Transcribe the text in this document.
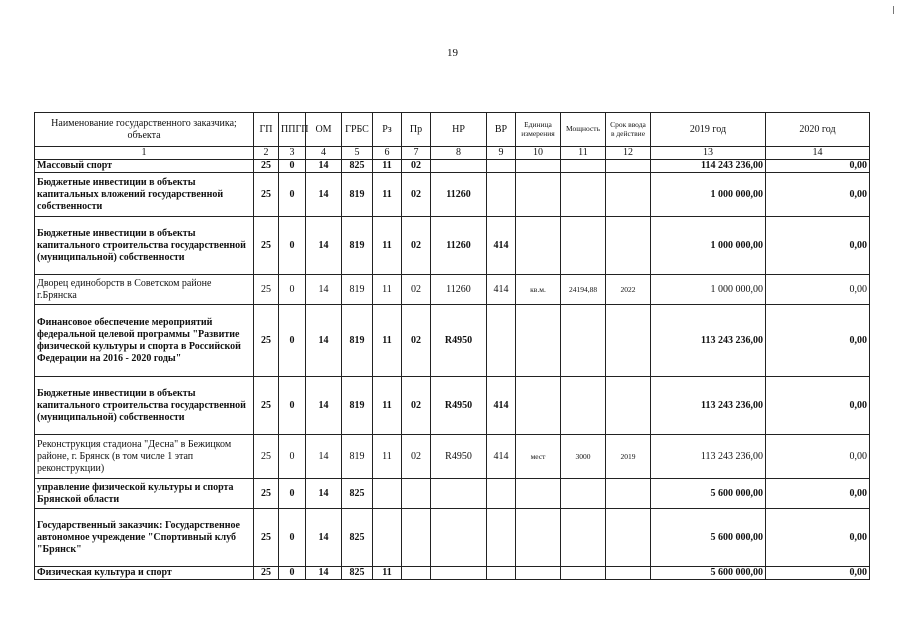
19
Наименование государственного заказчика; объекта	ГП	ППГП	ОМ	ГРБС	Рз	Пр	НР	ВР	Единица измерения	Мощность	Срок ввода в действие	2019 год	2020 год
1	2	3	4	5	6	7	8	9	10	11	12	13	14
Массовый спорт	25	0	14	825	11	02						114 243 236,00	0,00
Бюджетные инвестиции в объекты капитальных вложений государственной собственности	25	0	14	819	11	02	11260					1 000 000,00	0,00
Бюджетные инвестиции в объекты капитального строительства государственной (муниципальной) собственности	25	0	14	819	11	02	11260	414				1 000 000,00	0,00
Дворец единоборств в Советском районе г.Брянска	25	0	14	819	11	02	11260	414	кв.м.	24194,88	2022	1 000 000,00	0,00
Финансовое обеспечение мероприятий федеральной целевой программы "Развитие физической культуры и спорта в Российской Федерации на 2016 - 2020 годы"	25	0	14	819	11	02	R4950					113 243 236,00	0,00
Бюджетные инвестиции в объекты капитального строительства государственной (муниципальной) собственности	25	0	14	819	11	02	R4950	414				113 243 236,00	0,00
Реконструкция стадиона "Десна" в Бежицком районе, г. Брянск (в том числе 1 этап реконструкции)	25	0	14	819	11	02	R4950	414	мест	3000	2019	113 243 236,00	0,00
управление физической культуры и спорта Брянской области	25	0	14	825								5 600 000,00	0,00
Государственный заказчик: Государственное автономное учреждение "Спортивный клуб "Брянск"	25	0	14	825								5 600 000,00	0,00
Физическая культура и спорт	25	0	14	825	11							5 600 000,00	0,00
